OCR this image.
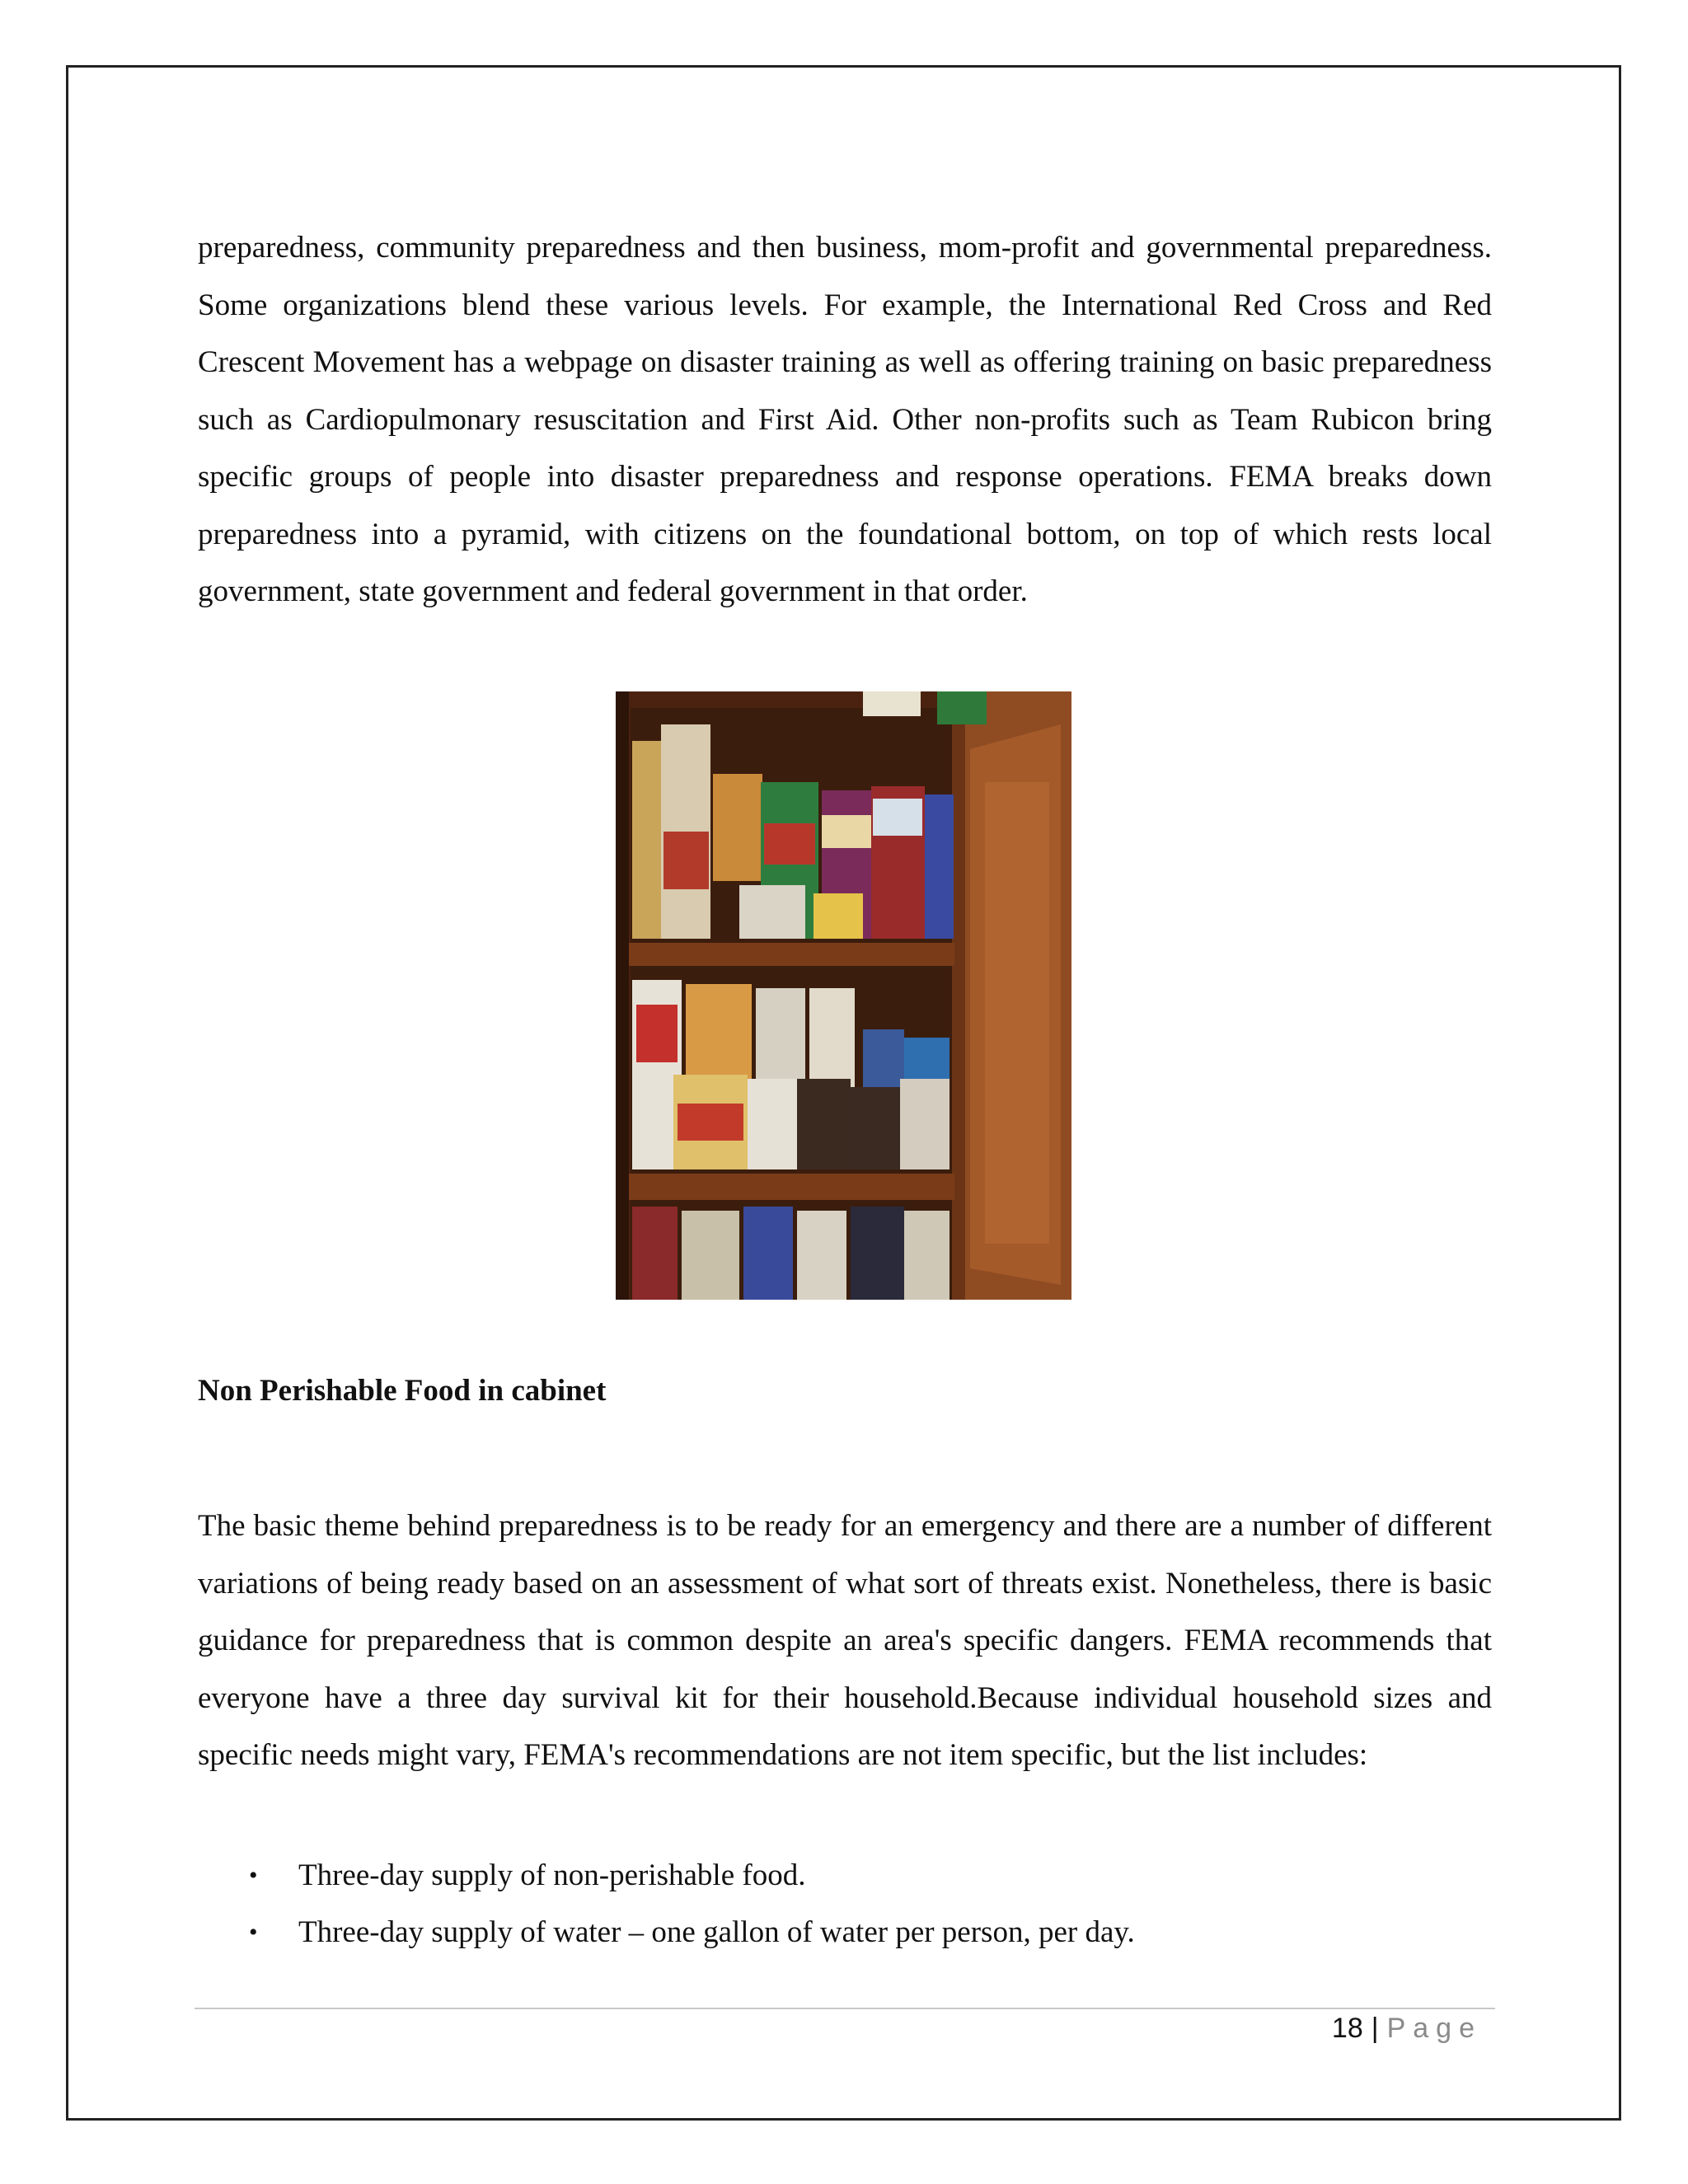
preparedness, community preparedness and then business, mom-profit and governmental preparedness. Some organizations blend these various levels. For example, the International Red Cross and Red Crescent Movement has a webpage on disaster training as well as offering training on basic preparedness such as Cardiopulmonary resuscitation and First Aid. Other non-profits such as Team Rubicon bring specific groups of people into disaster preparedness and response operations. FEMA breaks down preparedness into a pyramid, with citizens on the foundational bottom, on top of which rests local government, state government and federal government in that order.

Non Perishable Food in cabinet

The basic theme behind preparedness is to be ready for an emergency and there are a number of different variations of being ready based on an assessment of what sort of threats exist. Nonetheless, there is basic guidance for preparedness that is common despite an area's specific dangers. FEMA recommends that everyone have a three day survival kit for their household.Because individual household sizes and specific needs might vary, FEMA's recommendations are not item specific, but the list includes:

• Three-day supply of non-perishable food.
• Three-day supply of water – one gallon of water per person, per day.
18 | Page
